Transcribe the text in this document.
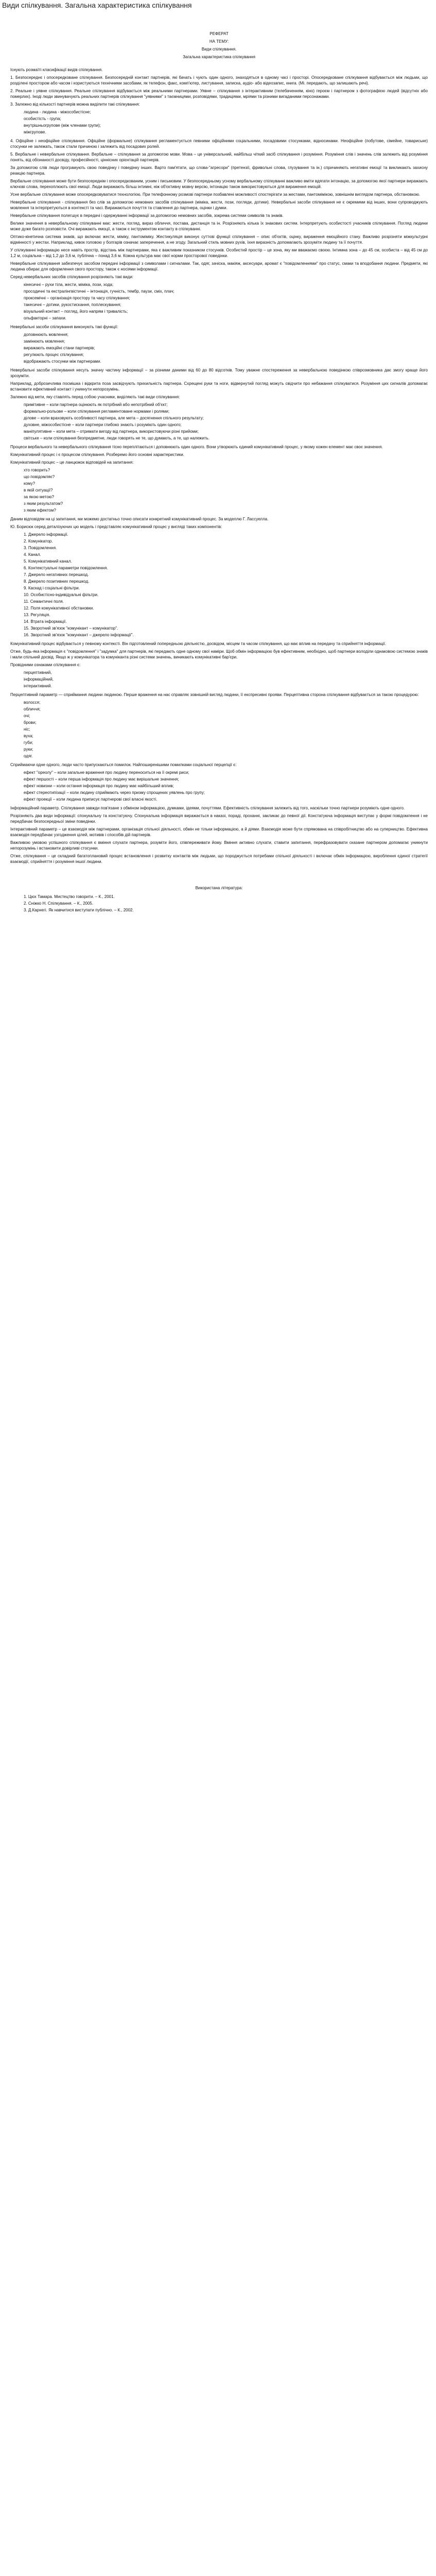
Види спілкування. Загальна характеристика спілкування
РЕФЕРАТ
НА ТЕМУ:
Види спілкування.
Загальна характеристика спілкування

Існують розмаїті класифікації видів спілкування.

1. Безпосереднє і опосередковане спілкування. Безпосередній контакт партнерів, які бачать і чують один одного, знаходяться в одному часі і просторі. Опосередковане спілкування відбувається між людьми, що розділені простором або часом і користуються технічними засобами, як телефон, факс, комп'ютер, листування, записка, аудіо- або відеозапис, книга. (Мі. передають, що залишають речі).

2. Реальне і уявне спілкування. Реальне спілкування відбувається між реальними партнерами. Уявне – спілкування з інтерактивним (телебаченням, кіно) героєм і партнером з фотографією людей (відсутніх або померлих). Іноді люди звинувачують реальних партнерів спілкування "уявними" з таємницями, розповідями, традиціями, мріями та різними вигаданими персонажами.

3. Залежно від кількості партнерів можна виділити такі спілкування:

людина - людина - міжособистісне;
особистість - група;
внутрішньогрупове (між членами групи);
міжгрупове.

4. Офіційне і неофіційне спілкування. Офіційне (формальне) спілкування регламентується певними офіційними соціальними, посадовими стосунками, відносинами. Неофіційне (побутове, сімейне, товариське) стосунки не залежать, також стали причиною і залежить від посадових ролей.

5. Вербальне і невербальне спілкування. Вербальне – спілкування за допомогою мови. Мова – це універсальний, найбільш чіткий засіб спілкування і розуміння. Розуміння слів і значень слів залежить від розуміння понять, від обізнаності досвіду, професійності, ціннісних орієнтацій партнерів.

За допомогою слів люди програмують свою поведінку і поведінку інших. Варто пам'ятати, що слова-"агресори" (претензії, фривольні слова, глузування та ін.) спричиняють негативні емоції та викликають захисну реакцію партнера.

Вербальне спілкування може бути безпосереднім і опосередкованим, усним і письмовим. У безпосередньому усному вербальному спілкуванні важливо вміти вдягати інтонацію, за допомогою якої партнери виражають ключові слова, перехоплюють свої емоції. Люди виражають більш інтимні, ніж об'єктивну мовну версію, інтонацію також використовуються для вираження емоцій.

Усне вербальне спілкування може опосередковуватися технологією. При телефонному розмові партнери позбавлені можливості спостерігати за жестами, пантомімікою, зовнішнім виглядом партнера, обстановкою.

Невербальне спілкування - спілкування без слів за допомогою немовних засобів спілкування (міміка, жести, пози, погляди, дотики). Невербальні засоби спілкування не є окремими від інших, вони супроводжують мовлення та інтерпретуються в контексті та часі. Виражаються почуття та ставлення до партнера, оцінки і думки.

Невербальне спілкування полегшує в передачі і одержуванні інформації за допомогою немовних засобів, зокрема системи символів та знаків.

Велике значення в невербальному спілкуванні має: жести, погляд, вираз обличчя, постава, дистанція та ін. Розрізняють кілька їх знакових систем. Інтерпретують особистості учасників спілкування. Погляд людини може дуже багато розповісти. Очі виражають емоції, а також є інструментом контакту в спілкуванні.

Оптико-кінетична система знаків, що включає жести, міміку, пантоміміку. Жестикуляція виконує суттєві функції спілкування – опис об'єктів, оцінку, вираження емоційного стану. Важливо розрізняти міжкультурні відмінності у жестах. Наприклад, кивок головою у болгарів означає заперечення, а не згоду. Загальний стиль мовних рухів, їхня виразність допомагають зрозуміти людину та її почуття.

У спілкуванні інформацію несе навіть простір, відстань між партнерами, яка є важливим показником стосунків. Особистий простір – це зона, яку ми вважаємо своєю. Інтимна зона – до 45 см, особиста – від 45 см до 1,2 м, соціальна – від 1,2 до 3,6 м, публічна – понад 3,6 м. Кожна культура має свої норми просторової поведінки.

Невербальне спілкування забезпечує засобом передачі інформації з символами і сигналами. Так, одяг, зачіска, макіяж, аксесуари, аромат є "повідомленнями" про статус, смаки та вподобання людини. Предмети, які людина обирає для оформлення свого простору, також є носіями інформації.

Серед невербальних засобів спілкування розрізняють такі види:

кінесичні – рухи тіла, жести, міміка, пози, хода;
просодичні та екстралінгвістичні – інтонація, гучність, тембр, паузи, сміх, плач;
проксемічні – організація простору та часу спілкування;
такесичні – дотики, рукостискання, поплескування;
візуальний контакт – погляд, його напрям і тривалість;
ольфакторні – запахи.

Невербальні засоби спілкування виконують такі функції:

доповнюють мовлення;
замінюють мовлення;
виражають емоційні стани партнерів;
регулюють процес спілкування;
відображають стосунки між партнерами.

Невербальні засоби спілкування несуть значну частину інформації – за різними даними від 60 до 80 відсотків. Тому уважне спостереження за невербальною поведінкою співрозмовника дає змогу краще його зрозуміти.

Наприклад, доброзичлива посмішка і відкрита поза засвідчують прихильність партнера. Схрещені руки та ноги, відвернутий погляд можуть свідчити про небажання спілкуватися. Розуміння цих сигналів допомагає встановити ефективний контакт і уникнути непорозумінь.

Залежно від мети, яку ставлять перед собою учасники, виділяють такі види спілкування:

примітивне – коли партнера оцінюють як потрібний або непотрібний об'єкт;
формально-рольове – коли спілкування регламентоване нормами і ролями;
ділове – коли враховують особливості партнера, але мета – досягнення спільного результату;
духовне, міжособистісне – коли партнери глибоко знають і розуміють один одного;
маніпулятивне – коли мета – отримати вигоду від партнера, використовуючи різні прийоми;
світське – коли спілкування безпредметне, люди говорять не те, що думають, а те, що належить.

Процеси вербального та невербального спілкування тісно переплітаються і доповнюють один одного. Вони утворюють єдиний комунікативний процес, у якому кожен елемент має своє значення.

Комунікативний процес і є процесом спілкування. Розберемо його основні характеристики.

Комунікативний процес – це ланцюжок відповідей на запитання:

хто говорить?
що повідомляє?
кому?
в якій ситуації?
за якою метою?
з яким результатом?
з яким ефектом?

Даним відповідям на ці запитання, ми можемо достатньо точно описати конкретний комунікативний процес. За моделлю Г. Лассуелла.

Ю. Борисюк серед деталізуючих цю модель і представляє комунікативний процес у вигляді таких компонентів:

1. Джерело інформації.
2. Комунікатор.
3. Повідомлення.
4. Канал.
5. Комунікативний канал.
6. Контекстуальні параметри повідомлення.
7. Джерело негативних перешкод.
8. Джерело позитивних перешкод.
9. Каскад і соціальні фільтри.
10. Особистісно-індивідуальні фільтри.
11. Семантичні поля.
12. Поля комунікативної обстановки.
13. Регуляція.
14. Втрата інформації.
15. Зворотний зв'язок "комунікант – комунікатор".
16. Зворотний зв'язок "комунікант – джерело інформації".

Комунікативний процес відбувається у певному контексті. Він підготовлений попередньою діяльністю, досвідом, місцем та часом спілкування, що має вплив на передачу та сприйняття інформації.

Отже, будь-яка інформація є "повідомлення" і "задумка" для партнерів, які передають одне одному свої наміри. Щоб обмін інформацією був ефективним, необхідно, щоб партнери володіли однаковою системою знаків і мали спільний досвід. Якщо ж у комунікатора та комуніканта різні системи значень, виникають комунікативні бар'єри.

Провідними ознаками спілкування є:

перцептивний,
інформаційний,
інтерактивний.

Перцептивний параметр — сприймання людини людиною. Перше враження на нас справляє зовнішній вигляд людини, її експресивні прояви. Перцептивна сторона спілкування відбувається за такою процедурою:

волосся;
обличчя;
очі;
брови;
ніс;
вуха;
губи;
руки;
одяг.

Сприймаючи одне одного, люди часто припускаються помилок. Найпоширенішими помилками соціальної перцепції є:

ефект "ореолу" – коли загальне враження про людину переноситься на її окремі риси;
ефект першості – коли перша інформація про людину має вирішальне значення;
ефект новизни – коли остання інформація про людину має найбільший вплив;
ефект стереотипізації – коли людину сприймають через призму спрощених уявлень про групу;
ефект проекції – коли людина приписує партнерові свої власні якості.

Інформаційний параметр. Спілкування завжди пов'язане з обміном інформацією, думками, ідеями, почуттями. Ефективність спілкування залежить від того, наскільки точно партнери розуміють одне одного.

Розрізняють два види інформації: спонукальну та констатуючу. Спонукальна інформація виражається в наказі, пораді, проханні, закликає до певної дії. Констатуюча інформація виступає у формі повідомлення і не передбачає безпосередньої зміни поведінки.

Інтерактивний параметр – це взаємодія між партнерами, організація спільної діяльності, обмін не тільки інформацією, а й діями. Взаємодія може бути спрямована на співробітництво або на суперництво. Ефективна взаємодія передбачає узгодження цілей, мотивів і способів дій партнерів.

Важливою умовою успішного спілкування є вміння слухати партнера, розуміти його, співпереживати йому. Вміння активно слухати, ставити запитання, перефразовувати сказане партнером допомагає уникнути непорозумінь і встановити довірливі стосунки.

Отже, спілкування – це складний багатоплановий процес встановлення і розвитку контактів між людьми, що породжується потребами спільної діяльності і включає обмін інформацією, вироблення єдиної стратегії взаємодії, сприйняття і розуміння іншої людини.

Використана література:
1. Цюх Тамара. Мистецтво говорити. – К., 2001.
2. Сніжко Н. Спілкування. – К., 2005.
3. Д.Карнегі. Як навчитися виступати публічно. – К., 2002.
